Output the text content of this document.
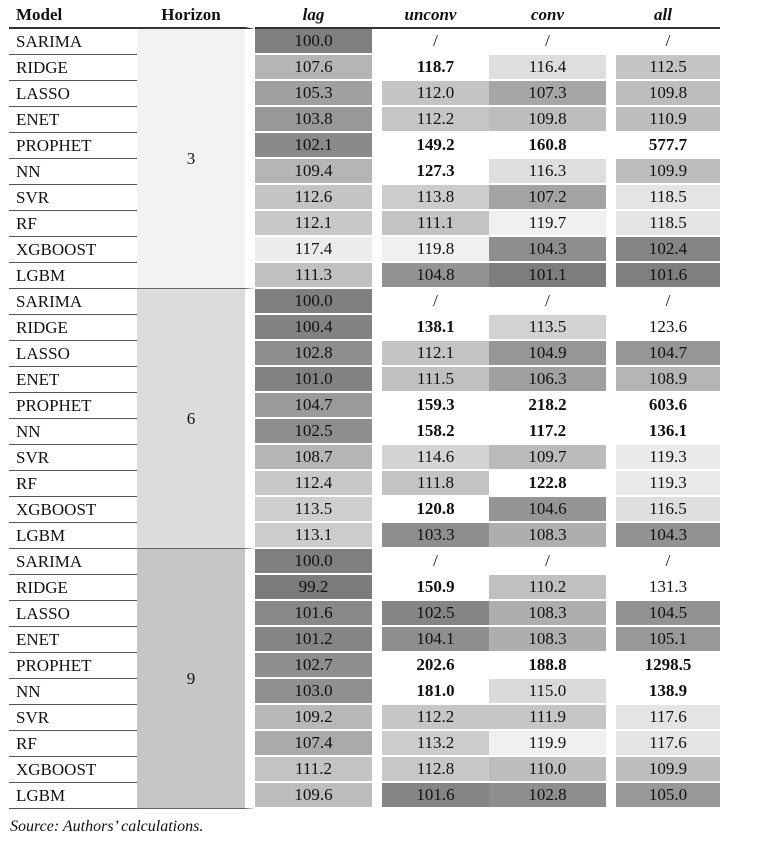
Model	Horizon	lag	unconv	conv	all
SARIMA	3	100.0	/	/	/
RIDGE		107.6	118.7	116.4	112.5
LASSO		105.3	112.0	107.3	109.8
ENET		103.8	112.2	109.8	110.9
PROPHET		102.1	149.2	160.8	577.7
NN		109.4	127.3	116.3	109.9
SVR		112.6	113.8	107.2	118.5
RF		112.1	111.1	119.7	118.5
XGBOOST		117.4	119.8	104.3	102.4
LGBM		111.3	104.8	101.1	101.6
SARIMA	6	100.0	/	/	/
RIDGE		100.4	138.1	113.5	123.6
LASSO		102.8	112.1	104.9	104.7
ENET		101.0	111.5	106.3	108.9
PROPHET		104.7	159.3	218.2	603.6
NN		102.5	158.2	117.2	136.1
SVR		108.7	114.6	109.7	119.3
RF		112.4	111.8	122.8	119.3
XGBOOST		113.5	120.8	104.6	116.5
LGBM		113.1	103.3	108.3	104.3
SARIMA	9	100.0	/	/	/
RIDGE		99.2	150.9	110.2	131.3
LASSO		101.6	102.5	108.3	104.5
ENET		101.2	104.1	108.3	105.1
PROPHET		102.7	202.6	188.8	1298.5
NN		103.0	181.0	115.0	138.9
SVR		109.2	112.2	111.9	117.6
RF		107.4	113.2	119.9	117.6
XGBOOST		111.2	112.8	110.0	109.9
LGBM		109.6	101.6	102.8	105.0
Source: Authors’ calculations.
